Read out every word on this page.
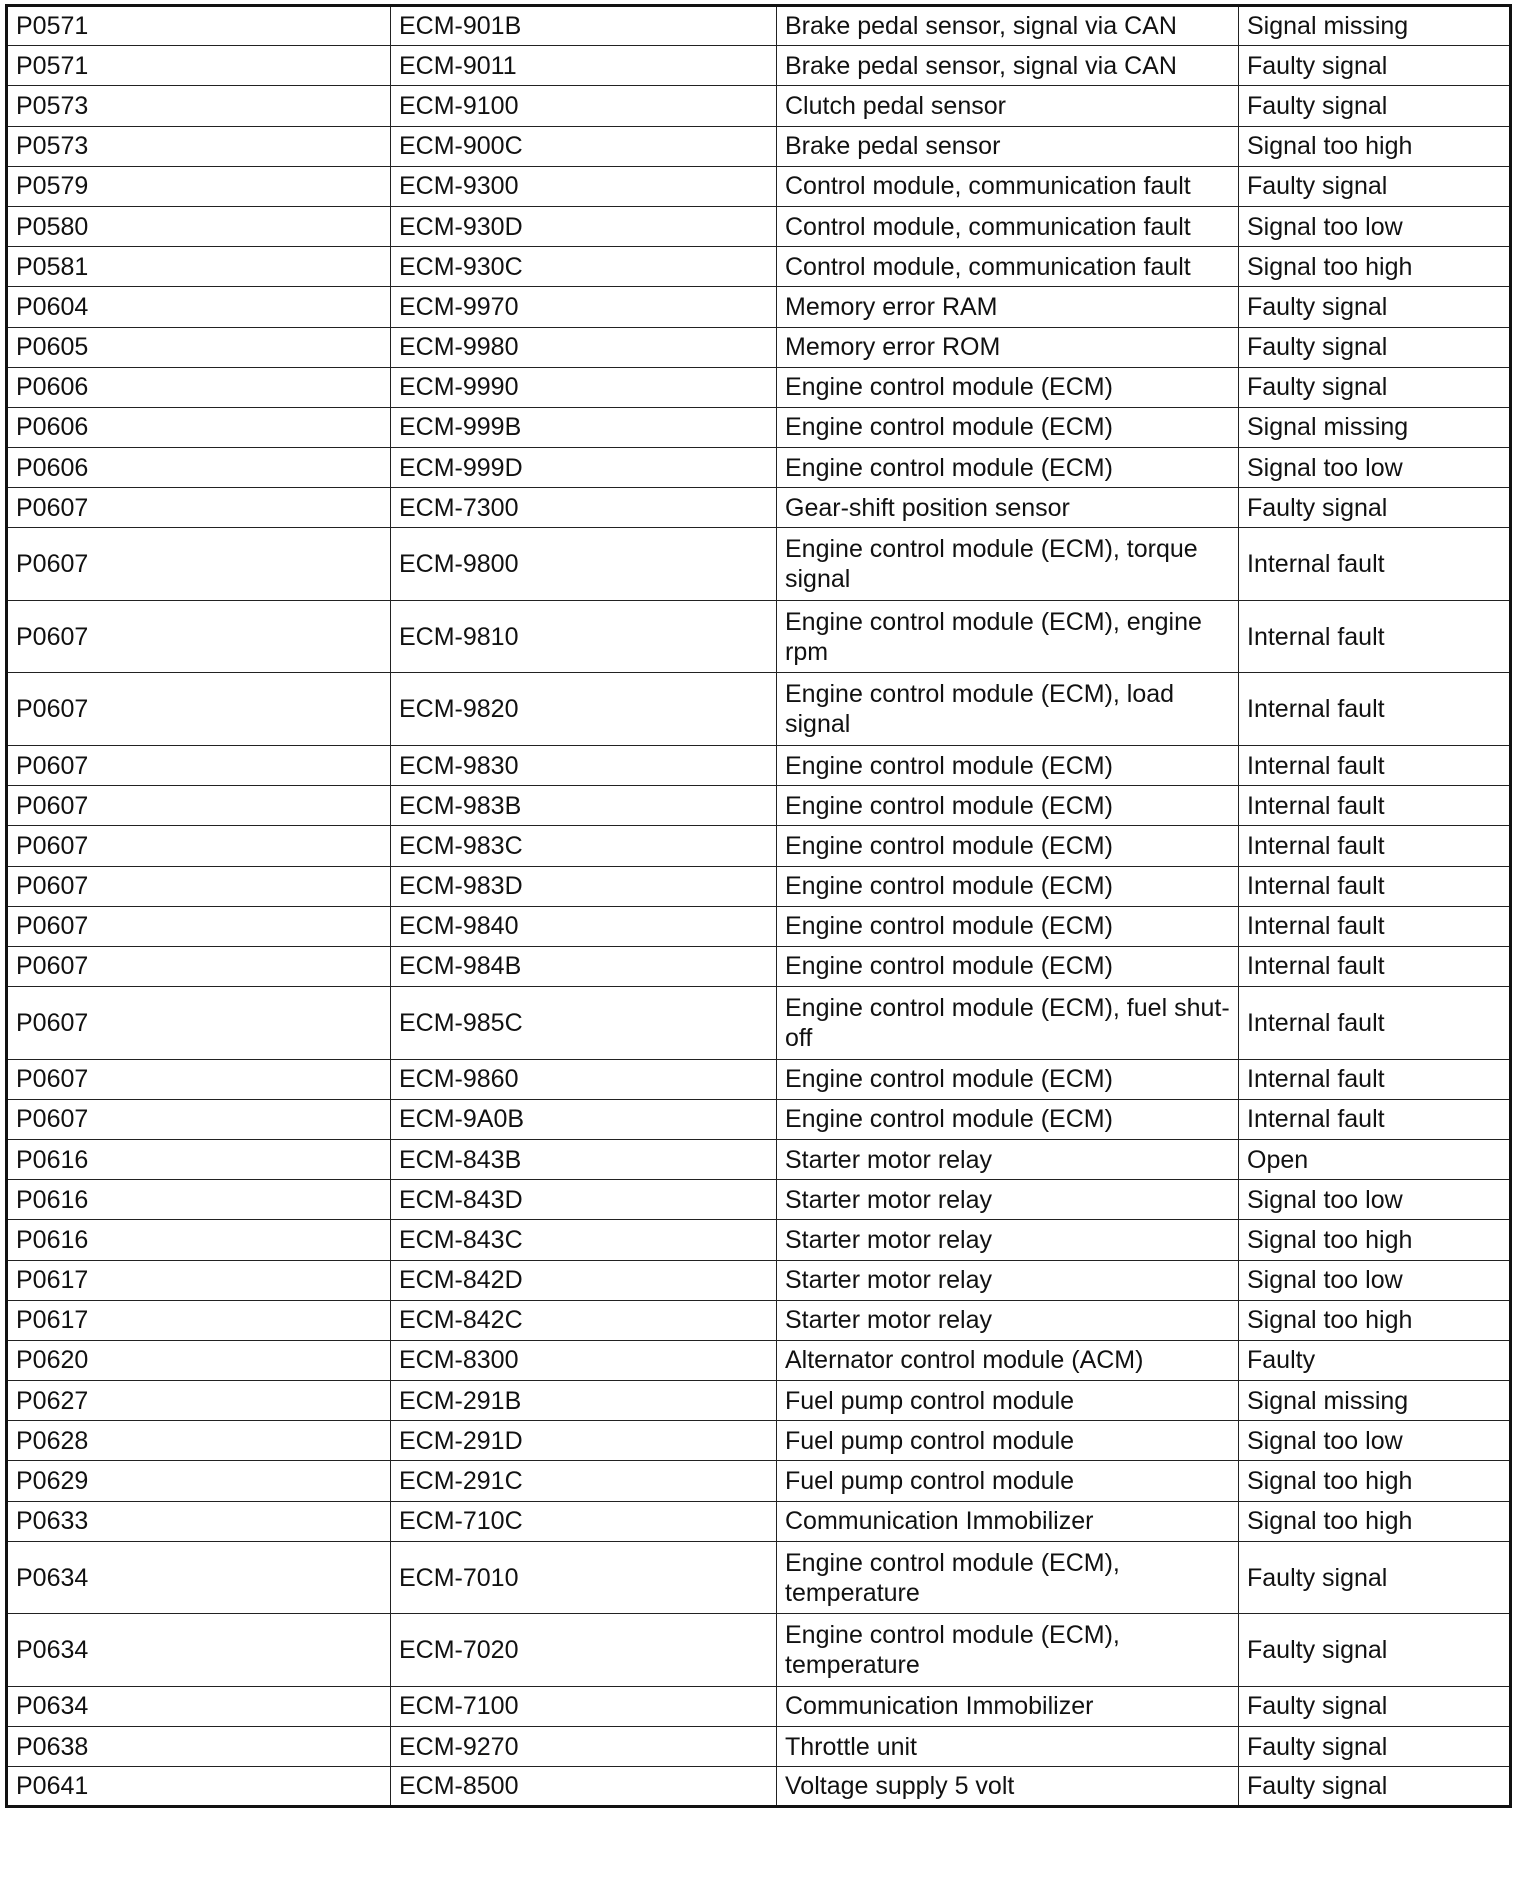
P0571	ECM-901B	Brake pedal sensor, signal via CAN	Signal missing
P0571	ECM-9011	Brake pedal sensor, signal via CAN	Faulty signal
P0573	ECM-9100	Clutch pedal sensor	Faulty signal
P0573	ECM-900C	Brake pedal sensor	Signal too high
P0579	ECM-9300	Control module, communication fault	Faulty signal
P0580	ECM-930D	Control module, communication fault	Signal too low
P0581	ECM-930C	Control module, communication fault	Signal too high
P0604	ECM-9970	Memory error RAM	Faulty signal
P0605	ECM-9980	Memory error ROM	Faulty signal
P0606	ECM-9990	Engine control module (ECM)	Faulty signal
P0606	ECM-999B	Engine control module (ECM)	Signal missing
P0606	ECM-999D	Engine control module (ECM)	Signal too low
P0607	ECM-7300	Gear-shift position sensor	Faulty signal
P0607	ECM-9800	Engine control module (ECM), torque signal	Internal fault
P0607	ECM-9810	Engine control module (ECM), engine rpm	Internal fault
P0607	ECM-9820	Engine control module (ECM), load signal	Internal fault
P0607	ECM-9830	Engine control module (ECM)	Internal fault
P0607	ECM-983B	Engine control module (ECM)	Internal fault
P0607	ECM-983C	Engine control module (ECM)	Internal fault
P0607	ECM-983D	Engine control module (ECM)	Internal fault
P0607	ECM-9840	Engine control module (ECM)	Internal fault
P0607	ECM-984B	Engine control module (ECM)	Internal fault
P0607	ECM-985C	Engine control module (ECM), fuel shut-off	Internal fault
P0607	ECM-9860	Engine control module (ECM)	Internal fault
P0607	ECM-9A0B	Engine control module (ECM)	Internal fault
P0616	ECM-843B	Starter motor relay	Open
P0616	ECM-843D	Starter motor relay	Signal too low
P0616	ECM-843C	Starter motor relay	Signal too high
P0617	ECM-842D	Starter motor relay	Signal too low
P0617	ECM-842C	Starter motor relay	Signal too high
P0620	ECM-8300	Alternator control module (ACM)	Faulty
P0627	ECM-291B	Fuel pump control module	Signal missing
P0628	ECM-291D	Fuel pump control module	Signal too low
P0629	ECM-291C	Fuel pump control module	Signal too high
P0633	ECM-710C	Communication Immobilizer	Signal too high
P0634	ECM-7010	Engine control module (ECM), temperature	Faulty signal
P0634	ECM-7020	Engine control module (ECM), temperature	Faulty signal
P0634	ECM-7100	Communication Immobilizer	Faulty signal
P0638	ECM-9270	Throttle unit	Faulty signal
P0641	ECM-8500	Voltage supply 5 volt	Faulty signal
